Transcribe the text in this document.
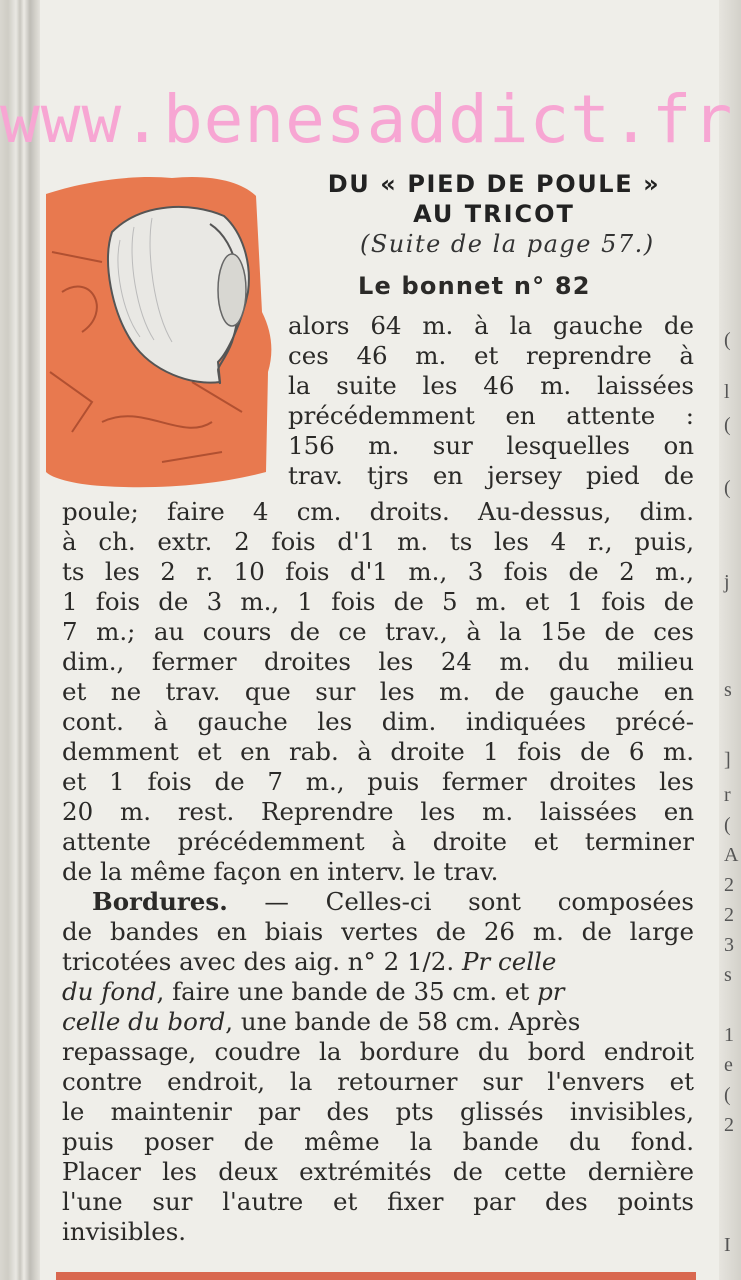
(
l
(
(
j
s
]
r
(
A
2
2
3
s
1
e
(
2
I
www.benesaddict.fr
DU « PIED DE POULE »
AU TRICOT
(Suite de la page 57.)
Le bonnet n° 82
alors 64 m. à la gauche de
ces 46 m. et reprendre à
la suite les 46 m. laissées
précédemment en attente :
156 m. sur lesquelles on
trav. tjrs en jersey pied de
poule; faire 4 cm. droits. Au-dessus, dim.
à ch. extr. 2 fois d'1 m. ts les 4 r., puis,
ts les 2 r. 10 fois d'1 m., 3 fois de 2 m.,
1 fois de 3 m., 1 fois de 5 m. et 1 fois de
7 m.; au cours de ce trav., à la 15e de ces
dim., fermer droites les 24 m. du milieu
et ne trav. que sur les m. de gauche en
cont. à gauche les dim. indiquées précé-
demment et en rab. à droite 1 fois de 6 m.
et 1 fois de 7 m., puis fermer droites les
20 m. rest. Reprendre les m. laissées en
attente précédemment à droite et terminer
de la même façon en interv. le trav.
Bordures. — Celles-ci sont composées
de bandes en biais vertes de 26 m. de large
tricotées avec des aig. n° 2 1/2. Pr celle
du fond, faire une bande de 35 cm. et pr
celle du bord, une bande de 58 cm. Après
repassage, coudre la bordure du bord endroit
contre endroit, la retourner sur l'envers et
le maintenir par des pts glissés invisibles,
puis poser de même la bande du fond.
Placer les deux extrémités de cette dernière
l'une sur l'autre et fixer par des points
invisibles.
